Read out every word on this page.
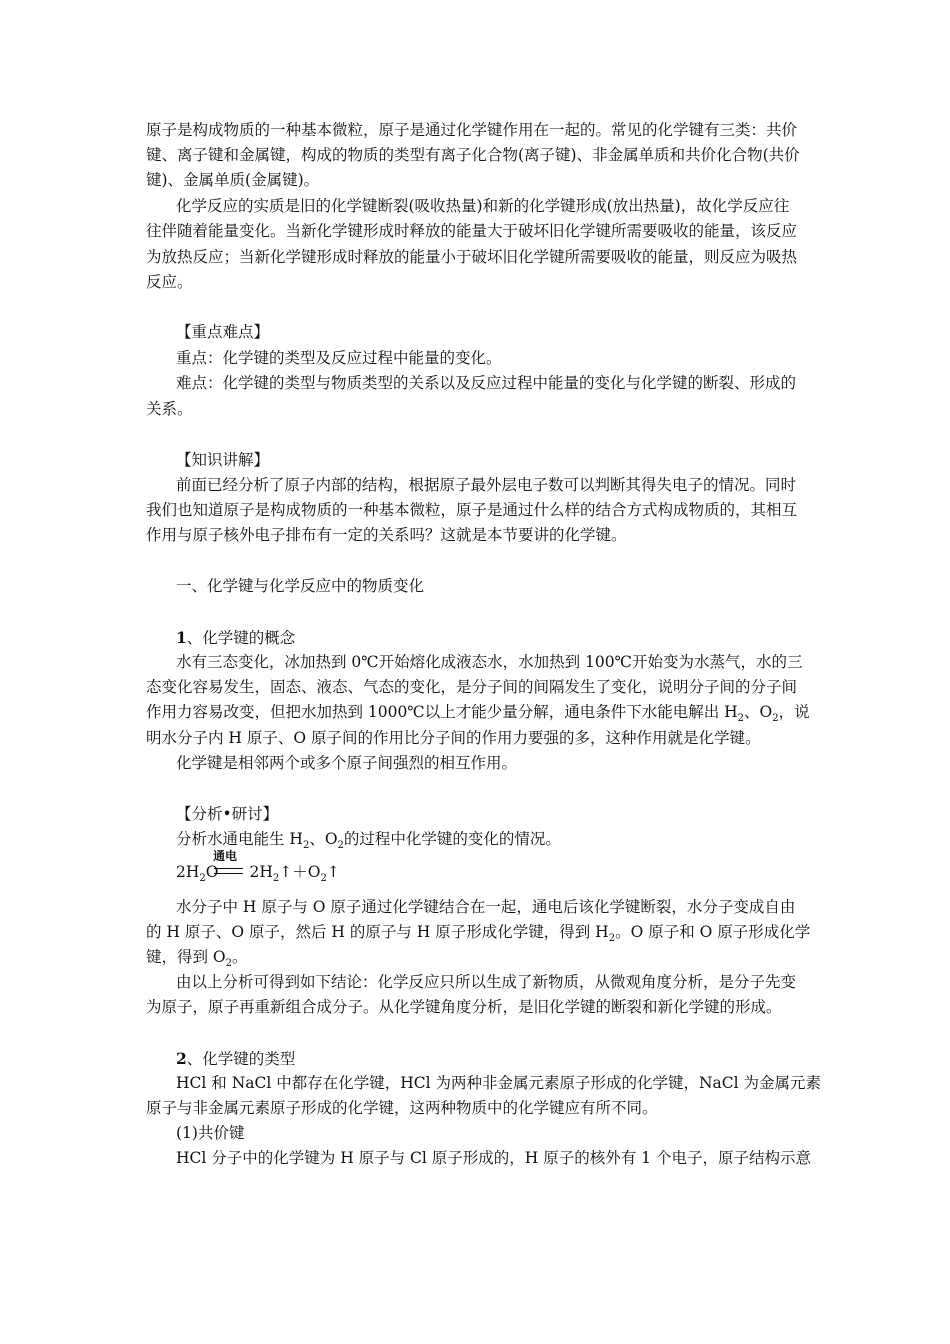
原子是构成物质的一种基本微粒，原子是通过化学键作用在一起的。常见的化学键有三类：共价
键、离子键和金属键，构成的物质的类型有离子化合物(离子键)、非金属单质和共价化合物(共价
键)、金属单质(金属键)。
化学反应的实质是旧的化学键断裂(吸收热量)和新的化学键形成(放出热量)，故化学反应往
往伴随着能量变化。当新化学键形成时释放的能量大于破坏旧化学键所需要吸收的能量，该反应
为放热反应；当新化学键形成时释放的能量小于破坏旧化学键所需要吸收的能量，则反应为吸热
反应。
【重点难点】
重点：化学键的类型及反应过程中能量的变化。
难点：化学键的类型与物质类型的关系以及反应过程中能量的变化与化学键的断裂、形成的
关系。
【知识讲解】
前面已经分析了原子内部的结构，根据原子最外层电子数可以判断其得失电子的情况。同时
我们也知道原子是构成物质的一种基本微粒，原子是通过什么样的结合方式构成物质的，其相互
作用与原子核外电子排布有一定的关系吗？这就是本节要讲的化学键。
一、化学键与化学反应中的物质变化
1、化学键的概念
水有三态变化，冰加热到 0℃开始熔化成液态水，水加热到 100℃开始变为水蒸气，水的三
态变化容易发生，固态、液态、气态的变化，是分子间的间隔发生了变化，说明分子间的分子间
作用力容易改变，但把水加热到 1000℃以上才能少量分解，通电条件下水能电解出 $H_2$、$O_2$，说
明水分子内 H 原子、O 原子间的作用比分子间的作用力要强的多，这种作用就是化学键。
化学键是相邻两个或多个原子间强烈的相互作用。
【分析•研讨】
分析水通电能生 $H_2$、$O_2$的过程中化学键的变化的情况。
通电
$2H_2O$ $2H_2↑+O_2↑$
水分子中 H 原子与 O 原子通过化学键结合在一起，通电后该化学键断裂，水分子变成自由
的 H 原子、O 原子，然后 H 的原子与 H 原子形成化学键，得到 $H_2$。O 原子和 O 原子形成化学
键，得到 $O_2$。
由以上分析可得到如下结论：化学反应只所以生成了新物质，从微观角度分析，是分子先变
为原子，原子再重新组合成分子。从化学键角度分析，是旧化学键的断裂和新化学键的形成。
2、化学键的类型
HCl 和 NaCl 中都存在化学键，HCl 为两种非金属元素原子形成的化学键，NaCl 为金属元素
原子与非金属元素原子形成的化学键，这两种物质中的化学键应有所不同。
(1)共价键
HCl 分子中的化学键为 H 原子与 Cl 原子形成的，H 原子的核外有 1 个电子，原子结构示意
